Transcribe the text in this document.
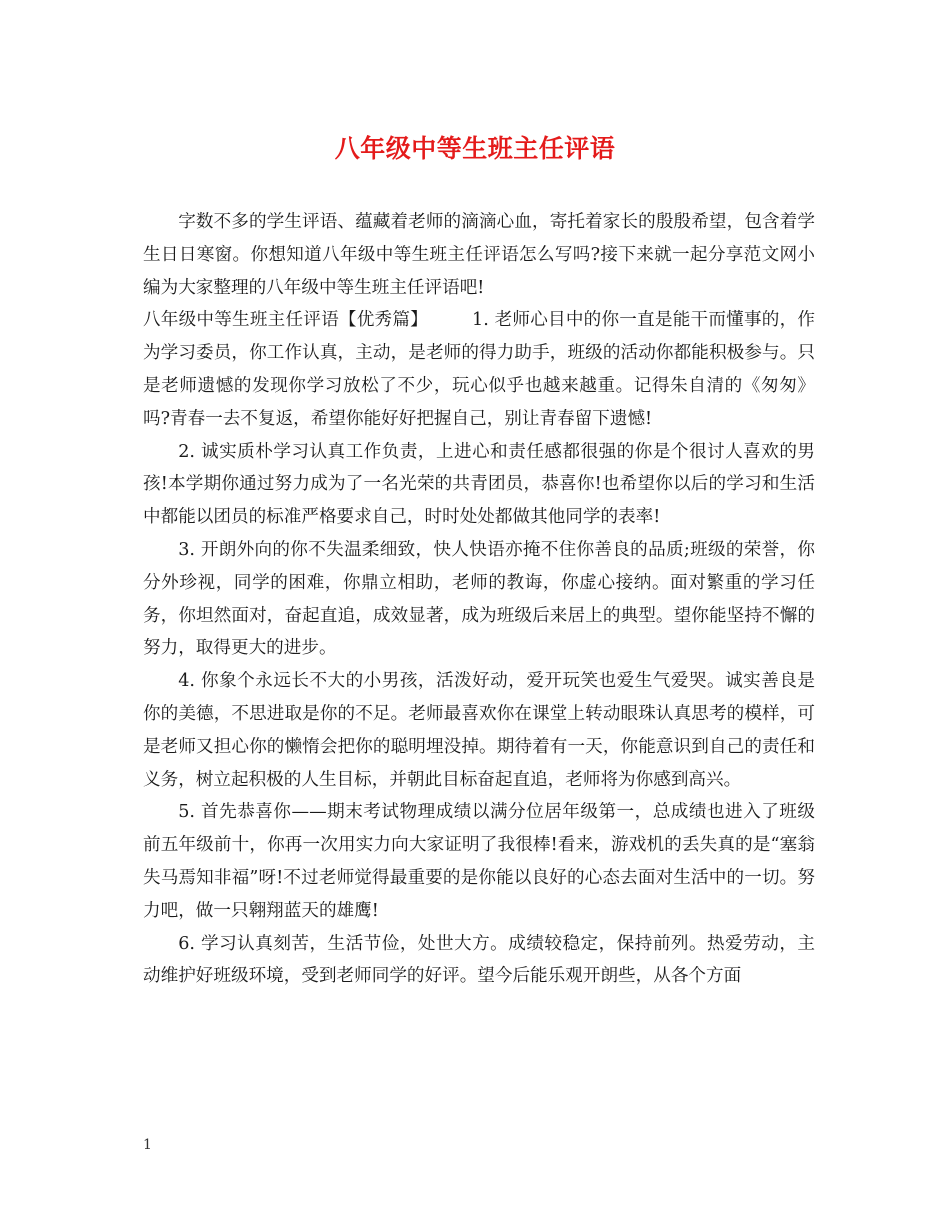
八年级中等生班主任评语

字数不多的学生评语、蕴藏着老师的滴滴心血，寄托着家长的殷殷希望，包含着学生日日寒窗。你想知道八年级中等生班主任评语怎么写吗?接下来就一起分享范文网小编为大家整理的八年级中等生班主任评语吧!

八年级中等生班主任评语【优秀篇】	1. 老师心目中的你一直是能干而懂事的，作为学习委员，你工作认真，主动，是老师的得力助手，班级的活动你都能积极参与。只是老师遗憾的发现你学习放松了不少，玩心似乎也越来越重。记得朱自清的《匆匆》吗?青春一去不复返，希望你能好好把握自己，别让青春留下遗憾!

2. 诚实质朴学习认真工作负责，上进心和责任感都很强的你是个很讨人喜欢的男孩!本学期你通过努力成为了一名光荣的共青团员，恭喜你!也希望你以后的学习和生活中都能以团员的标准严格要求自己，时时处处都做其他同学的表率!

3. 开朗外向的你不失温柔细致，快人快语亦掩不住你善良的品质;班级的荣誉，你分外珍视，同学的困难，你鼎立相助，老师的教诲，你虚心接纳。面对繁重的学习任务，你坦然面对，奋起直追，成效显著，成为班级后来居上的典型。望你能坚持不懈的努力，取得更大的进步。

4. 你象个永远长不大的小男孩，活泼好动，爱开玩笑也爱生气爱哭。诚实善良是你的美德，不思进取是你的不足。老师最喜欢你在课堂上转动眼珠认真思考的模样，可是老师又担心你的懒惰会把你的聪明埋没掉。期待着有一天，你能意识到自己的责任和义务，树立起积极的人生目标，并朝此目标奋起直追，老师将为你感到高兴。

5. 首先恭喜你——期末考试物理成绩以满分位居年级第一，总成绩也进入了班级前五年级前十，你再一次用实力向大家证明了我很棒!看来，游戏机的丢失真的是“塞翁失马焉知非福”呀!不过老师觉得最重要的是你能以良好的心态去面对生活中的一切。努力吧，做一只翱翔蓝天的雄鹰!

6. 学习认真刻苦，生活节俭，处世大方。成绩较稳定，保持前列。热爱劳动，主动维护好班级环境，受到老师同学的好评。望今后能乐观开朗些，从各个方面

1
